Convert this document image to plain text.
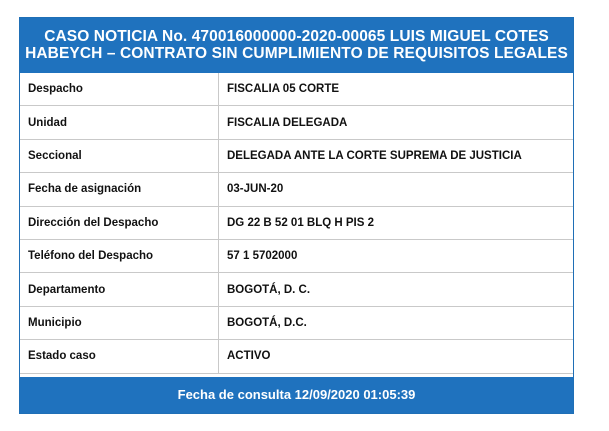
CASO NOTICIA No. 470016000000-2020-00065 LUIS MIGUEL COTES
HABEYCH – CONTRATO SIN CUMPLIMIENTO DE REQUISITOS LEGALES
Despacho	FISCALIA 05 CORTE
Unidad	FISCALIA DELEGADA
Seccional	DELEGADA ANTE LA CORTE SUPREMA DE JUSTICIA
Fecha de asignación	03-JUN-20
Dirección del Despacho	DG 22 B 52 01 BLQ H PIS 2
Teléfono del Despacho	57 1 5702000
Departamento	BOGOTÁ, D. C.
Municipio	BOGOTÁ, D.C.
Estado caso	ACTIVO
Fecha de consulta 12/09/2020 01:05:39
